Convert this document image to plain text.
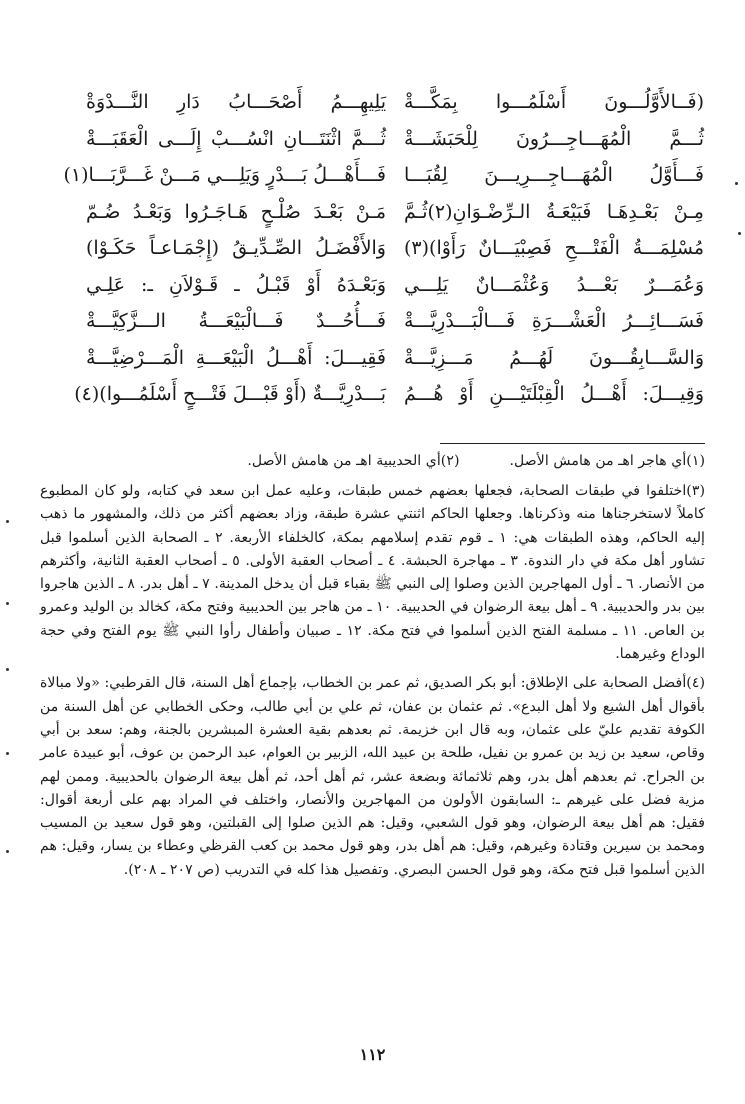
(فَــالأَوَّلُـــونَ أَسْلَمُـــوا بِمَكَّـــةْ
ثُـــمَّ الْمُهَـــاجِـــرُونَ لِلْحَبَشَـــةْ
فَـــأَوَّلُ الْمُهَـــاجِـــرِيـــنَ لِقُبَـــا
مِـنْ بَعْـدِهَـا فَبَيْعَـةُ الـرِّضْـوَانِ(٢)ثُـمَّ
مُسْلِمَـــةُ الْفَتْـــحِ فَصِبْيَـــانٌ رَأَوْا)(٣)
وَعُمَـــرٌ بَعْـــدُ وَعُثْمَـــانٌ يَلِـــي
فَسَـــائِـــرُ الْعَشْـــرَةِ فَـــالْبَـــدْرِيَّـــةْ
وَالسَّـــابِقُـــونَ لَهُـــمُ مَـــزِيَّـــةْ
وَقِيـــلَ: أَهْـــلُ الْقِبْلَتَيْـــنِ أَوْ هُـــمُ
يَلِيهِـــمُ أَصْحَـــابُ دَارِ النَّـــدْوَةْ
ثُـــمَّ اثْنَتَـــانِ انْسُـــبْ إِلَـــى الْعَقَبَـــةْ
فَـــأَهْـــلُ بَـــدْرٍ وَيَلِـــي مَـــنْ غَـــرَّبَـــا(١)
مَـنْ بَعْـدَ صُلْـحٍ هَـاجَـرُوا وَبَعْـدُ ضُـمّ
وَالأَفْضَـلُ الصِّـدِّيـقُ (إِجْمَـاعـاً حَكَـوْا)
وَبَعْـدَهُ أَوْ قَبْـلُ ـ قَـوْلاَنِ ـ: عَلِـي
فَـــأُحُـــدٌ فَـــالْبَيْعَـــةُ الـــزَّكِيَّـــةْ
فَقِيـــلَ: أَهْـــلُ الْبَيْعَـــةِ الْمَـــرْضِيَّـــةْ
بَـــدْرِيَّـــةٌ (أَوْ قَبْـــلَ فَتْـــحٍ أَسْلَمُـــوا)(٤)
(١)أي هاجر اهـ من هامش الأصل.
(٢)أي الحديبية اهـ من هامش الأصل.
(٣)اختلفوا في طبقات الصحابة، فجعلها بعضهم خمس طبقات، وعليه عمل ابن سعد في كتابه، ولو كان المطبوع كاملاً لاستخرجناها منه وذكرناها. وجعلها الحاكم اثنتي عشرة طبقة، وزاد بعضهم أكثر من ذلك، والمشهور ما ذهب إليه الحاكم، وهذه الطبقات هي: ١ ـ قوم تقدم إسلامهم بمكة، كالخلفاء الأربعة. ٢ ـ الصحابة الذين أسلموا قبل تشاور أهل مكة في دار الندوة. ٣ ـ مهاجرة الحبشة. ٤ ـ أصحاب العقبة الأولى. ٥ ـ أصحاب العقبة الثانية، وأكثرهم من الأنصار. ٦ ـ أول المهاجرين الذين وصلوا إلى النبي ﷺ بقباء قبل أن يدخل المدينة. ٧ ـ أهل بدر. ٨ ـ الذين هاجروا بين بدر والحديبية. ٩ ـ أهل بيعة الرضوان في الحديبية. ١٠ ـ من هاجر بين الحديبية وفتح مكة، كخالد بن الوليد وعمرو بن العاص. ١١ ـ مسلمة الفتح الذين أسلموا في فتح مكة. ١٢ ـ صبيان وأطفال رأوا النبي ﷺ يوم الفتح وفي حجة الوداع وغيرهما.
(٤)أفضل الصحابة على الإطلاق: أبو بكر الصديق، ثم عمر بن الخطاب، بإجماع أهل السنة، قال القرطبي: «ولا مبالاة بأقوال أهل الشيع ولا أهل البدع». ثم عثمان بن عفان، ثم علي بن أبي طالب، وحكى الخطابي عن أهل السنة من الكوفة تقديم عليّ على عثمان، وبه قال ابن خزيمة. ثم بعدهم بقية العشرة المبشرين بالجنة، وهم: سعد بن أبي وقاص، سعيد بن زيد بن عمرو بن نفيل، طلحة بن عبيد الله، الزبير بن العوام، عبد الرحمن بن عوف، أبو عبيدة عامر بن الجراح. ثم بعدهم أهل بدر، وهم ثلاثمائة وبضعة عشر، ثم أهل أحد، ثم أهل بيعة الرضوان بالحديبية. وممن لهم مزية فضل على غيرهم ـ: السابقون الأولون من المهاجرين والأنصار، واختلف في المراد بهم على أربعة أقوال: فقيل: هم أهل بيعة الرضوان، وهو قول الشعبي، وقيل: هم الذين صلوا إلى القبلتين، وهو قول سعيد بن المسيب ومحمد بن سيرين وقتادة وغيرهم، وقيل: هم أهل بدر، وهو قول محمد بن كعب القرظي وعطاء بن يسار، وقيل: هم الذين أسلموا قبل فتح مكة، وهو قول الحسن البصري. وتفصيل هذا كله في التدريب (ص ٢٠٧ ـ ٢٠٨).
١١٢
